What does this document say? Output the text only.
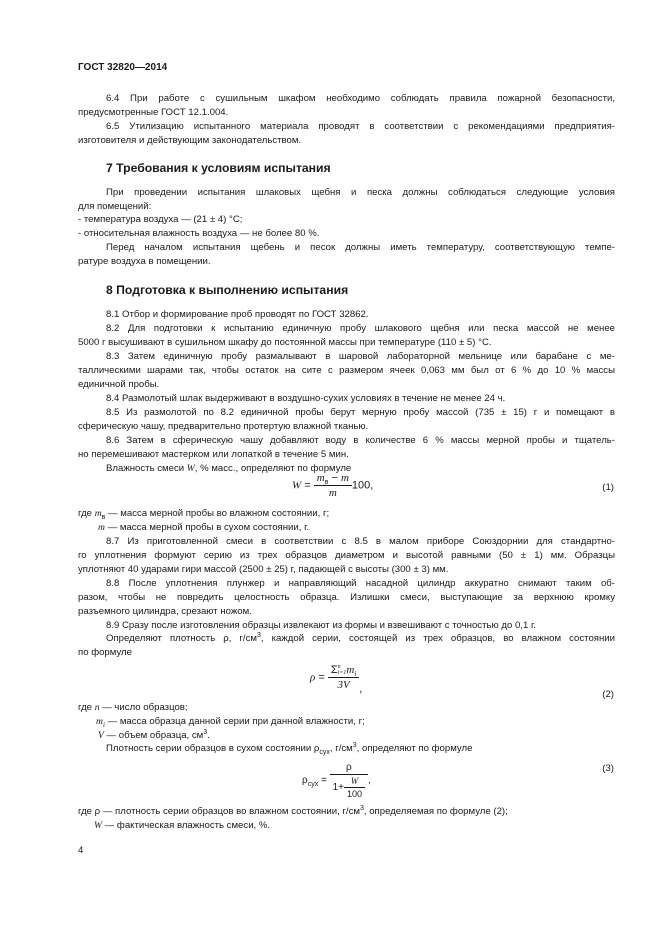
ГОСТ 32820—2014
6.4 При работе с сушильным шкафом необходимо соблюдать правила пожарной безопасности,
предусмотренные ГОСТ 12.1.004.
6.5 Утилизацию испытанного материала проводят в соответствии с рекомендациями предприятия-
изготовителя и действующим законодательством.
7 Требования к условиям испытания
При проведении испытания шлаковых щебня и песка должны соблюдаться следующие условия
для помещений:
- температура воздуха — (21 ± 4) °С;
- относительная влажность воздуха — не более 80 %.
Перед началом испытания щебень и песок должны иметь температуру, соответствующую темпе-
ратуре воздуха в помещении.
8 Подготовка к выполнению испытания
8.1 Отбор и формирование проб проводят по ГОСТ 32862.
8.2 Для подготовки к испытанию единичную пробу шлакового щебня или песка массой не менее
5000 г высушивают в сушильном шкафу до постоянной массы при температуре (110 ± 5) °С.
8.3 Затем единичную пробу размалывают в шаровой лабораторной мельнице или барабане с ме-
таллическими шарами так, чтобы остаток на сите с размером ячеек 0,063 мм был от 6 % до 10 % массы
единичной пробы.
8.4 Размолотый шлак выдерживают в воздушно-сухих условиях в течение не менее 24 ч.
8.5 Из размолотой по 8.2 единичной пробы берут мерную пробу массой (735 ± 15) г и помещают в
сферическую чашу, предварительно протертую влажной тканью.
8.6 Затем в сферическую чашу добавляют воду в количестве 6 % массы мерной пробы и тщатель-
но перемешивают мастерком или лопаткой в течение 5 мин.
Влажность смеси W, % масс., определяют по формуле
$W = \frac{m_в - m}{m} 100$,	(1)
где $m_в$ — масса мерной пробы во влажном состоянии, г;
m — масса мерной пробы в сухом состоянии, г.
8.7 Из приготовленной смеси в соответствии с 8.5 в малом приборе Союздорнии для стандартно-
го уплотнения формуют серию из трех образцов диаметром и высотой равными (50 ± 1) мм. Образцы
уплотняют 40 ударами гири массой (2500 ± 25) г, падающей с высоты (300 ± 3) мм.
8.8 После уплотнения плунжер и направляющий насадной цилиндр аккуратно снимают таким об-
разом, чтобы не повредить целостность образца. Излишки смеси, выступающие за верхнюю кромку
разъемного цилиндра, срезают ножом.
8.9 Сразу после изготовления образцы извлекают из формы и взвешивают с точностью до 0,1 г.
Определяют плотность ρ, $г/см^3$, каждой серии, состоящей из трех образцов, во влажном состоянии
по формуле
ρ =
Σn
$i=1m_i$
3V ,	(2)
где n — число образцов;
$m_i$ — масса образца данной серии при данной влажности, г;
V — объем образца, $см^3$.
Плотность серии образцов в сухом состоянии $\rho_{сух}$, $г/см^3$, определяют по формуле
$\rho_{сух} = \frac{\rho}{1+ \frac{W}{100}}$ ,
(3)
где ρ — плотность серии образцов во влажном состоянии, $г/см^3$, определяемая по формуле (2);
W — фактическая влажность смеси, %.
4
